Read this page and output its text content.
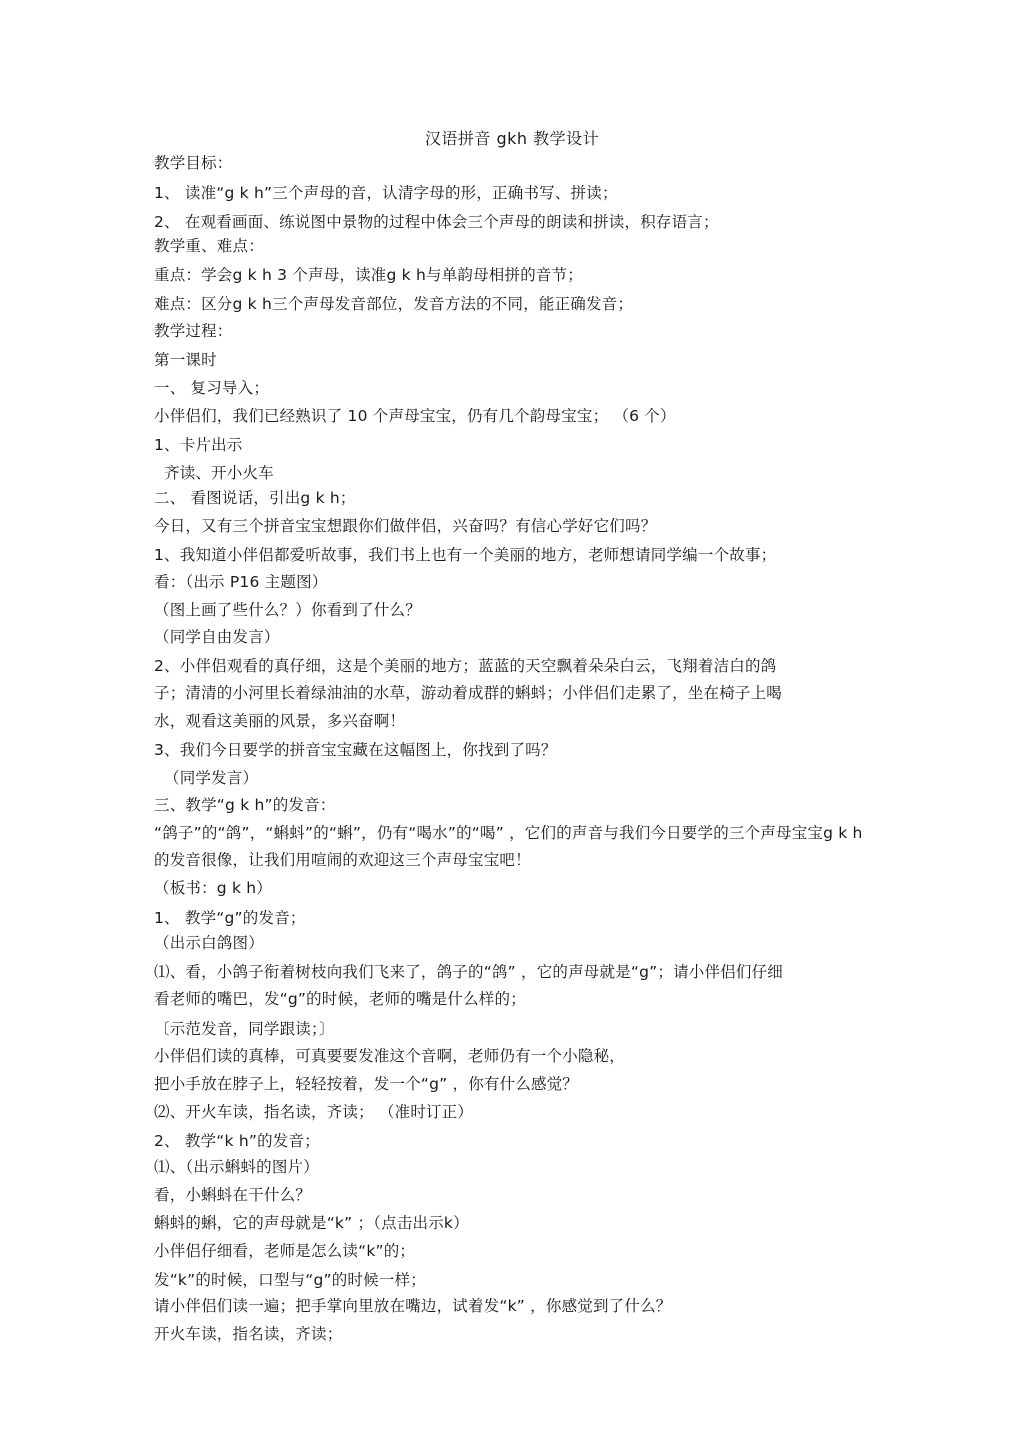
汉语拼音 gkh 教学设计
教学目标：
1、 读准“g k h”三个声母的音，认清字母的形，正确书写、拼读；
2、 在观看画面、练说图中景物的过程中体会三个声母的朗读和拼读，积存语言；
教学重、难点：
重点：学会g k h 3 个声母，读准g k h与单韵母相拼的音节；
难点：区分g k h三个声母发音部位，发音方法的不同，能正确发音；
教学过程：
第一课时
一、 复习导入；
小伴侣们，我们已经熟识了 10 个声母宝宝，仍有几个韵母宝宝； （6 个）
1、卡片出示
齐读、开小火车
二、 看图说话，引出g k h；
今日，又有三个拼音宝宝想跟你们做伴侣，兴奋吗？有信心学好它们吗？
1、我知道小伴侣都爱听故事，我们书上也有一个美丽的地方，老师想请同学编一个故事；
看：（出示 P16 主题图）
（图上画了些什么？）你看到了什么？
（同学自由发言）
2、小伴侣观看的真仔细，这是个美丽的地方；蓝蓝的天空飘着朵朵白云，飞翔着洁白的鸽
子；清清的小河里长着绿油油的水草，游动着成群的蝌蚪；小伴侣们走累了，坐在椅子上喝
水，观看这美丽的风景，多兴奋啊！
3、我们今日要学的拼音宝宝藏在这幅图上，你找到了吗？
（同学发言）
三、教学“g k h”的发音：
“鸽子”的“鸽”，“蝌蚪”的“蝌”，仍有“喝水”的“喝” ，它们的声音与我们今日要学的三个声母宝宝g k h
的发音很像，让我们用喧闹的欢迎这三个声母宝宝吧！
（板书：g k h）
1、 教学“g”的发音；
（出示白鸽图）
⑴、看，小鸽子衔着树枝向我们飞来了，鸽子的“鸽” ，它的声母就是“g”；请小伴侣们仔细
看老师的嘴巴，发“g”的时候，老师的嘴是什么样的；
〔示范发音，同学跟读；〕
小伴侣们读的真棒，可真要要发准这个音啊，老师仍有一个小隐秘，
把小手放在脖子上，轻轻按着，发一个“g” ，你有什么感觉？
⑵、开火车读，指名读，齐读； （准时订正）
2、 教学“k h”的发音；
⑴、（出示蝌蚪的图片）
看，小蝌蚪在干什么？
蝌蚪的蝌，它的声母就是“k” ；（点击出示k）
小伴侣仔细看，老师是怎么读“k”的；
发“k”的时候，口型与“g”的时候一样；
请小伴侣们读一遍；把手掌向里放在嘴边，试着发“k” ，你感觉到了什么？
开火车读，指名读，齐读；
